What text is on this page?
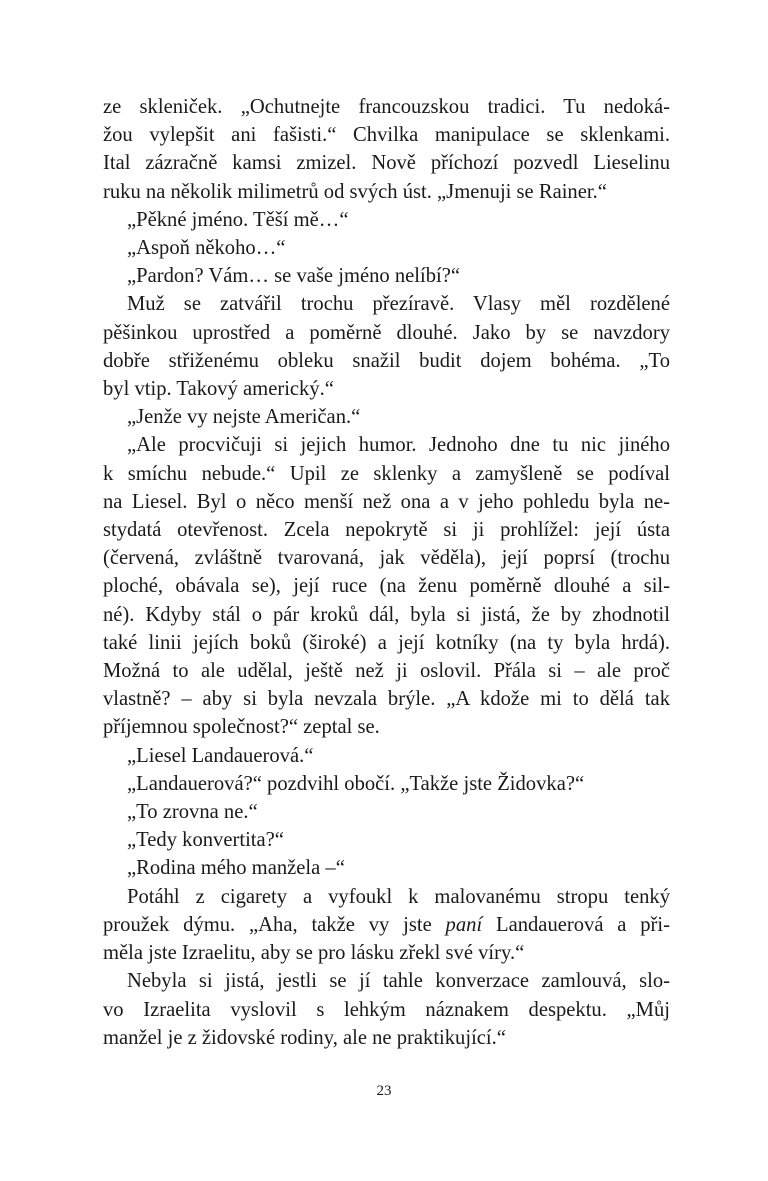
ze skleniček. „Ochutnejte francouzskou tradici. Tu nedoká-

žou vylepšit ani fašisti.“ Chvilka manipulace se sklenkami.

Ital zázračně kamsi zmizel. Nově příchozí pozvedl Lieselinu

ruku na několik milimetrů od svých úst. „Jmenuji se Rainer.“

„Pěkné jméno. Těší mě…“

„Aspoň někoho…“

„Pardon? Vám… se vaše jméno nelíbí?“

Muž se zatvářil trochu přezíravě. Vlasy měl rozdělené

pěšinkou uprostřed a poměrně dlouhé. Jako by se navzdory

dobře střiženému obleku snažil budit dojem bohéma. „To

byl vtip. Takový americký.“

„Jenže vy nejste Američan.“

„Ale procvičuji si jejich humor. Jednoho dne tu nic jiného

k smíchu nebude.“ Upil ze sklenky a zamyšleně se podíval

na Liesel. Byl o něco menší než ona a v jeho pohledu byla ne-

stydatá otevřenost. Zcela nepokrytě si ji prohlížel: její ústa

(červená, zvláštně tvarovaná, jak věděla), její poprsí (trochu

ploché, obávala se), její ruce (na ženu poměrně dlouhé a sil-

né). Kdyby stál o pár kroků dál, byla si jistá, že by zhodnotil

také linii jejích boků (široké) a její kotníky (na ty byla hrdá).

Možná to ale udělal, ještě než ji oslovil. Přála si – ale proč

vlastně? – aby si byla nevzala brýle. „A kdože mi to dělá tak

příjemnou společnost?“ zeptal se.

„Liesel Landauerová.“

„Landauerová?“ pozdvihl obočí. „Takže jste Židovka?“

„To zrovna ne.“

„Tedy konvertita?“

„Rodina mého manžela –“

Potáhl z cigarety a vyfoukl k malovanému stropu tenký

proužek dýmu. „Aha, takže vy jste paní Landauerová a při-

měla jste Izraelitu, aby se pro lásku zřekl své víry.“

Nebyla si jistá, jestli se jí tahle konverzace zamlouvá, slo-

vo Izraelita vyslovil s lehkým náznakem despektu. „Můj

manžel je z židovské rodiny, ale ne praktikující.“

23
